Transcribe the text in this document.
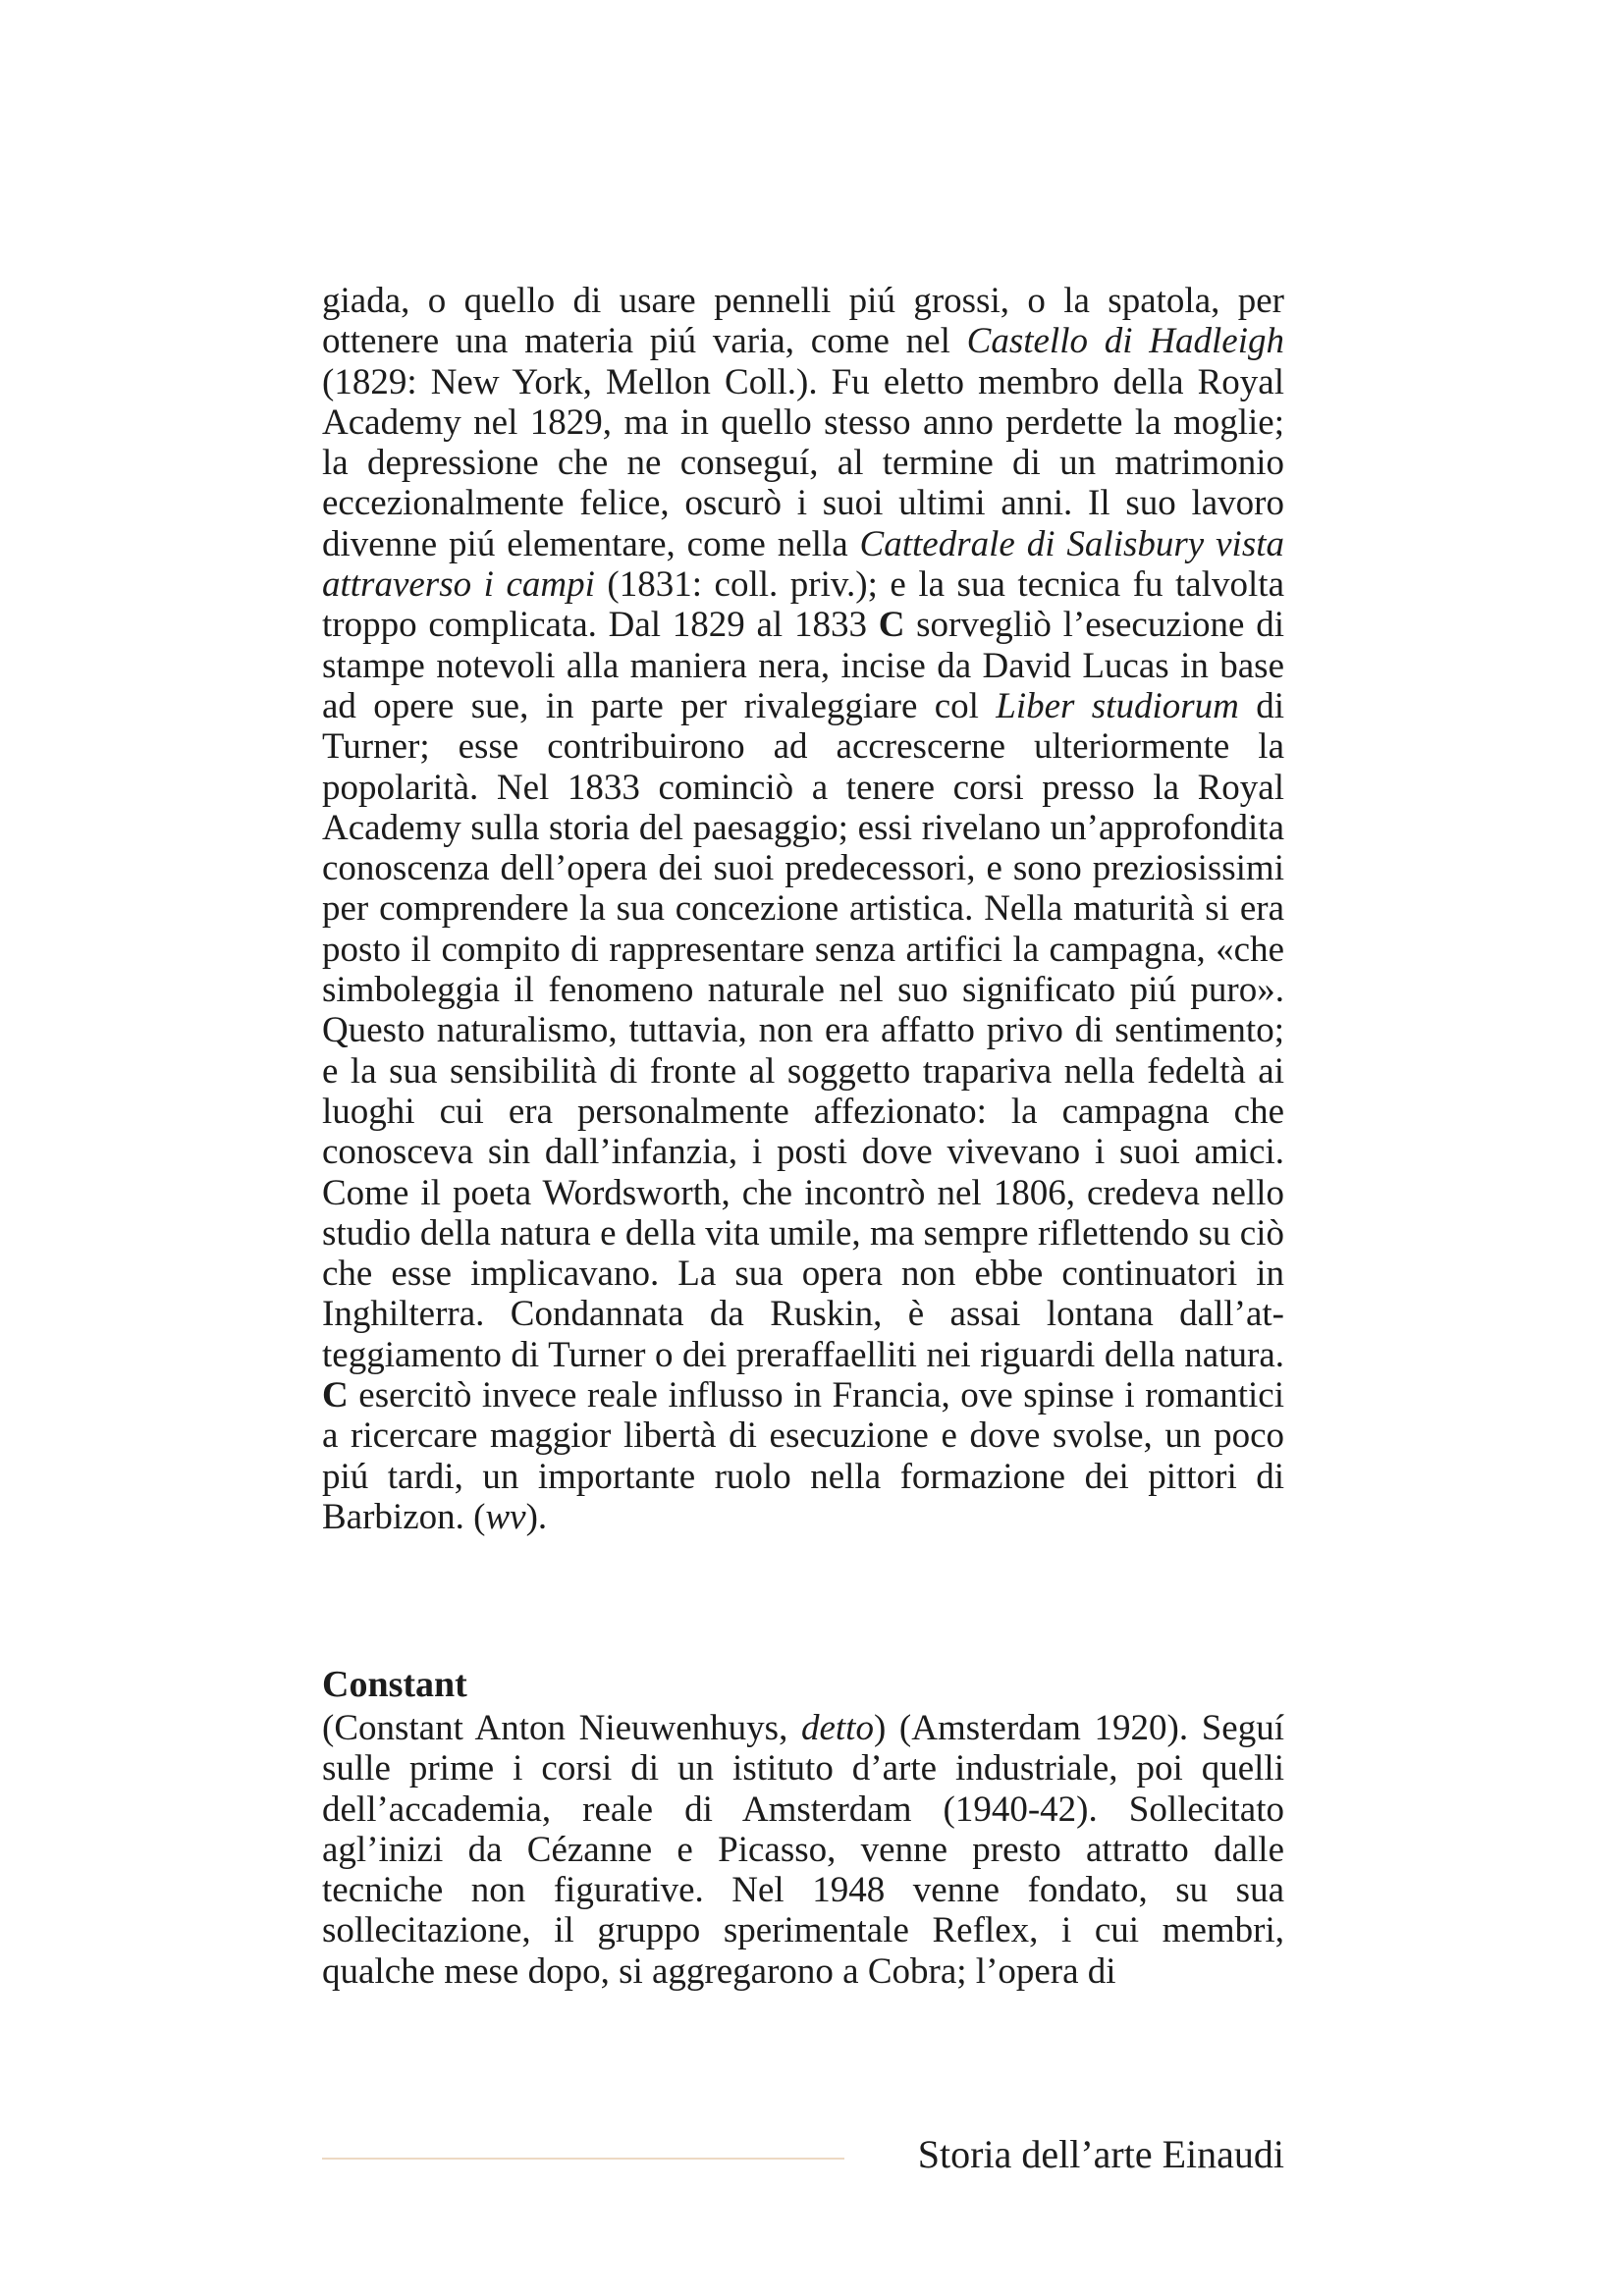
giada, o quello di usare pennelli piú grossi, o la spatola, per ottenere una materia piú varia, come nel Castello di Hadleigh (1829: New York, Mellon Coll.). Fu eletto membro della Royal Academy nel 1829, ma in quello stesso anno perdette la moglie; la depressione che ne conseguí, al termine di un matrimonio eccezionalmente felice, oscurò i suoi ultimi anni. Il suo lavoro divenne piú elementare, come nella Cattedrale di Salisbury vista attraverso i campi (1831: coll. priv.); e la sua tecnica fu talvolta troppo complicata. Dal 1829 al 1833 C sorvegliò l’esecuzione di stampe notevoli alla maniera nera, incise da David Lucas in base ad opere sue, in parte per rivaleggiare col Liber studiorum di Turner; esse contribuirono ad accrescerne ulteriormente la popolarità. Nel 1833 cominciò a tenere corsi presso la Royal Academy sulla storia del paesaggio; essi rivelano un’approfondita conoscenza dell’opera dei suoi predecessori, e sono preziosissimi per comprendere la sua concezione artistica. Nella maturità si era posto il compito di rappresentare senza artifici la campagna, «che simboleggia il fenomeno naturale nel suo significato piú puro». Questo naturalismo, tuttavia, non era affatto privo di sentimento; e la sua sensibilità di fronte al soggetto trapariva nella fedeltà ai luoghi cui era personalmente affezionato: la campagna che conosceva sin dall’infanzia, i posti dove vivevano i suoi amici. Come il poeta Wordsworth, che incontrò nel 1806, credeva nello studio della natura e della vita umile, ma sempre riflettendo su ciò che esse implicavano. La sua opera non ebbe continuatori in Inghilterra. Condannata da Ruskin, è assai lontana dall’atteggiamento di Turner o dei preraffaelliti nei riguardi della natura. C esercitò invece reale influsso in Francia, ove spinse i romantici a ricercare maggior libertà di esecuzione e dove svolse, un poco piú tardi, un importante ruolo nella formazione dei pittori di Barbizon. (wv).

Constant

(Constant Anton Nieuwenhuys, detto) (Amsterdam 1920). Seguí sulle prime i corsi di un istituto d’arte industriale, poi quelli dell’accademia, reale di Amsterdam (1940-42). Sollecitato agl’inizi da Cézanne e Picasso, venne presto attratto dalle tecniche non figurative. Nel 1948 venne fondato, su sua sollecitazione, il gruppo sperimentale Reflex, i cui membri, qualche mese dopo, si aggregarono a Cobra; l’opera di

Storia dell’arte Einaudi
